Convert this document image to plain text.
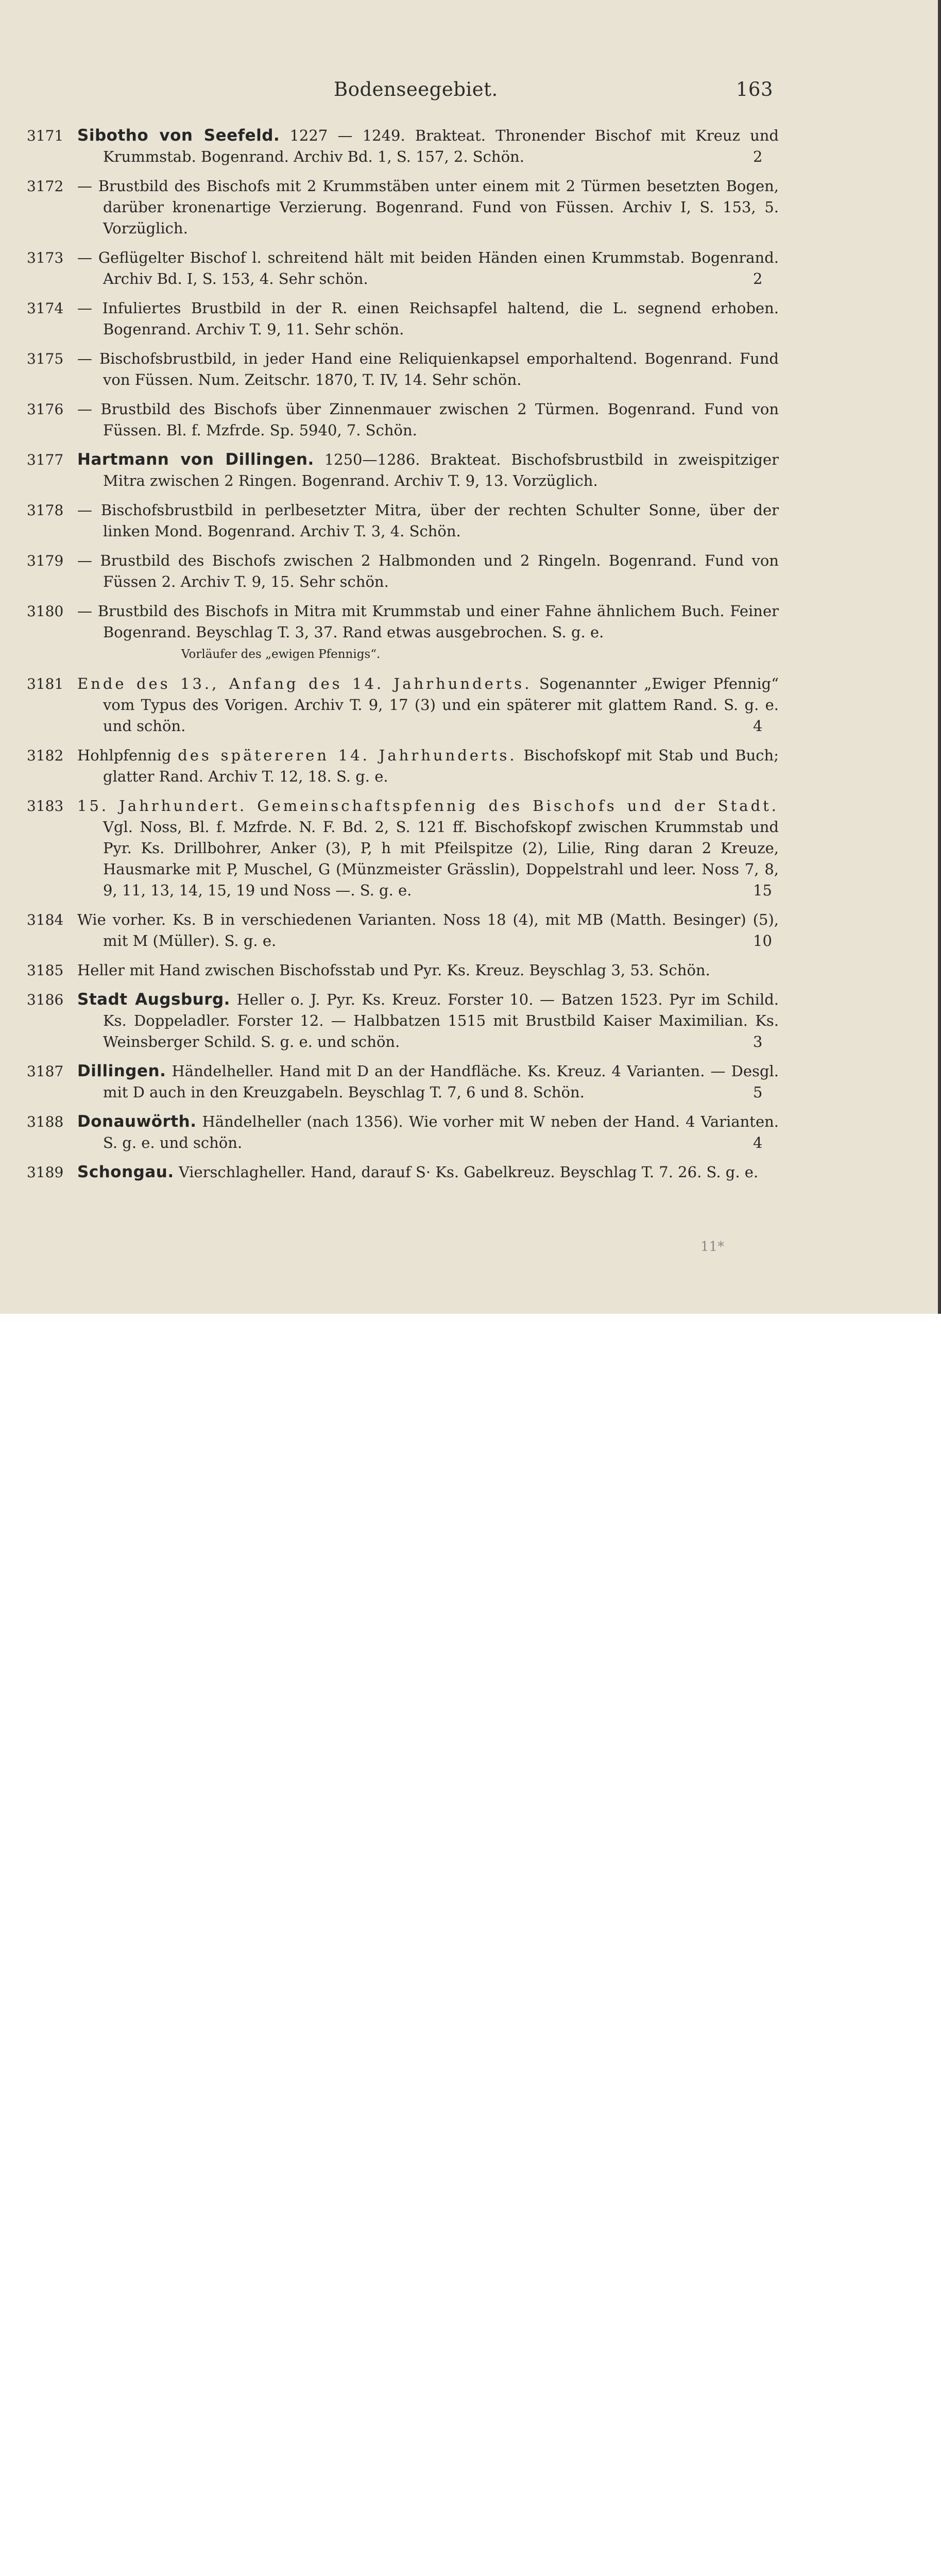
Bodenseegebiet.	163
3171 Sibotho von Seefeld. 1227 — 1249. Brakteat. Thronender Bischof mit Kreuz und Krummstab. Bogenrand. Archiv Bd. 1, S. 157, 2. Schön.	2
3172 — Brustbild des Bischofs mit 2 Krummstäben unter einem mit 2 Türmen besetzten Bogen, darüber kronenartige Verzierung. Bogenrand. Fund von Füssen. Archiv I, S. 153, 5. Vorzüglich.
3173 — Geflügelter Bischof l. schreitend hält mit beiden Händen einen Krummstab. Bogenrand. Archiv Bd. I, S. 153, 4. Sehr schön.	2
3174 — Infuliertes Brustbild in der R. einen Reichsapfel haltend, die L. segnend erhoben. Bogenrand. Archiv T. 9, 11. Sehr schön.
3175 — Bischofsbrustbild, in jeder Hand eine Reliquienkapsel emporhaltend. Bogenrand. Fund von Füssen. Num. Zeitschr. 1870, T. IV, 14. Sehr schön.
3176 — Brustbild des Bischofs über Zinnenmauer zwischen 2 Türmen. Bogenrand. Fund von Füssen. Bl. f. Mzfrde. Sp. 5940, 7. Schön.
3177 Hartmann von Dillingen. 1250—1286. Brakteat. Bischofsbrustbild in zweispitziger Mitra zwischen 2 Ringen. Bogenrand. Archiv T. 9, 13. Vorzüglich.
3178 — Bischofsbrustbild in perlbesetzter Mitra, über der rechten Schulter Sonne, über der linken Mond. Bogenrand. Archiv T. 3, 4. Schön.
3179 — Brustbild des Bischofs zwischen 2 Halbmonden und 2 Ringeln. Bogenrand. Fund von Füssen 2. Archiv T. 9, 15. Sehr schön.
3180 — Brustbild des Bischofs in Mitra mit Krummstab und einer Fahne ähnlichem Buch. Feiner Bogenrand. Beyschlag T. 3, 37. Rand etwas ausgebrochen. S. g. e.
Vorläufer des „ewigen Pfennigs“.
3181 Ende des 13., Anfang des 14. Jahrhunderts. Sogenannter „Ewiger Pfennig“ vom Typus des Vorigen. Archiv T. 9, 17 (3) und ein späterer mit glattem Rand. S. g. e. und schön.	4
3182 Hohlpfennig des spätereren 14. Jahrhunderts. Bischofskopf mit Stab und Buch; glatter Rand. Archiv T. 12, 18. S. g. e.
3183 15. Jahrhundert. Gemeinschaftspfennig des Bischofs und der Stadt. Vgl. Noss, Bl. f. Mzfrde. N. F. Bd. 2, S. 121 ff. Bischofskopf zwischen Krummstab und Pyr. Ks. Drillbohrer, Anker (3), P, h mit Pfeilspitze (2), Lilie, Ring daran 2 Kreuze, Hausmarke mit P, Muschel, G (Münzmeister Grässlin), Doppelstrahl und leer. Noss 7, 8, 9, 11, 13, 14, 15, 19 und Noss —. S. g. e.	15
3184 Wie vorher. Ks. B in verschiedenen Varianten. Noss 18 (4), mit MB (Matth. Besinger) (5), mit M (Müller). S. g. e.	10
3185 Heller mit Hand zwischen Bischofsstab und Pyr. Ks. Kreuz. Beyschlag 3, 53. Schön.
3186 Stadt Augsburg. Heller o. J. Pyr. Ks. Kreuz. Forster 10. — Batzen 1523. Pyr im Schild. Ks. Doppeladler. Forster 12. — Halbbatzen 1515 mit Brustbild Kaiser Maximilian. Ks. Weinsberger Schild. S. g. e. und schön.	3
3187 Dillingen. Händelheller. Hand mit D an der Handfläche. Ks. Kreuz. 4 Varianten. — Desgl. mit D auch in den Kreuzgabeln. Beyschlag T. 7, 6 und 8. Schön.	5
3188 Donauwörth. Händelheller (nach 1356). Wie vorher mit W neben der Hand. 4 Varianten. S. g. e. und schön.	4
3189 Schongau. Vierschlagheller. Hand, darauf S· Ks. Gabelkreuz. Beyschlag T. 7. 26. S. g. e.
11*
